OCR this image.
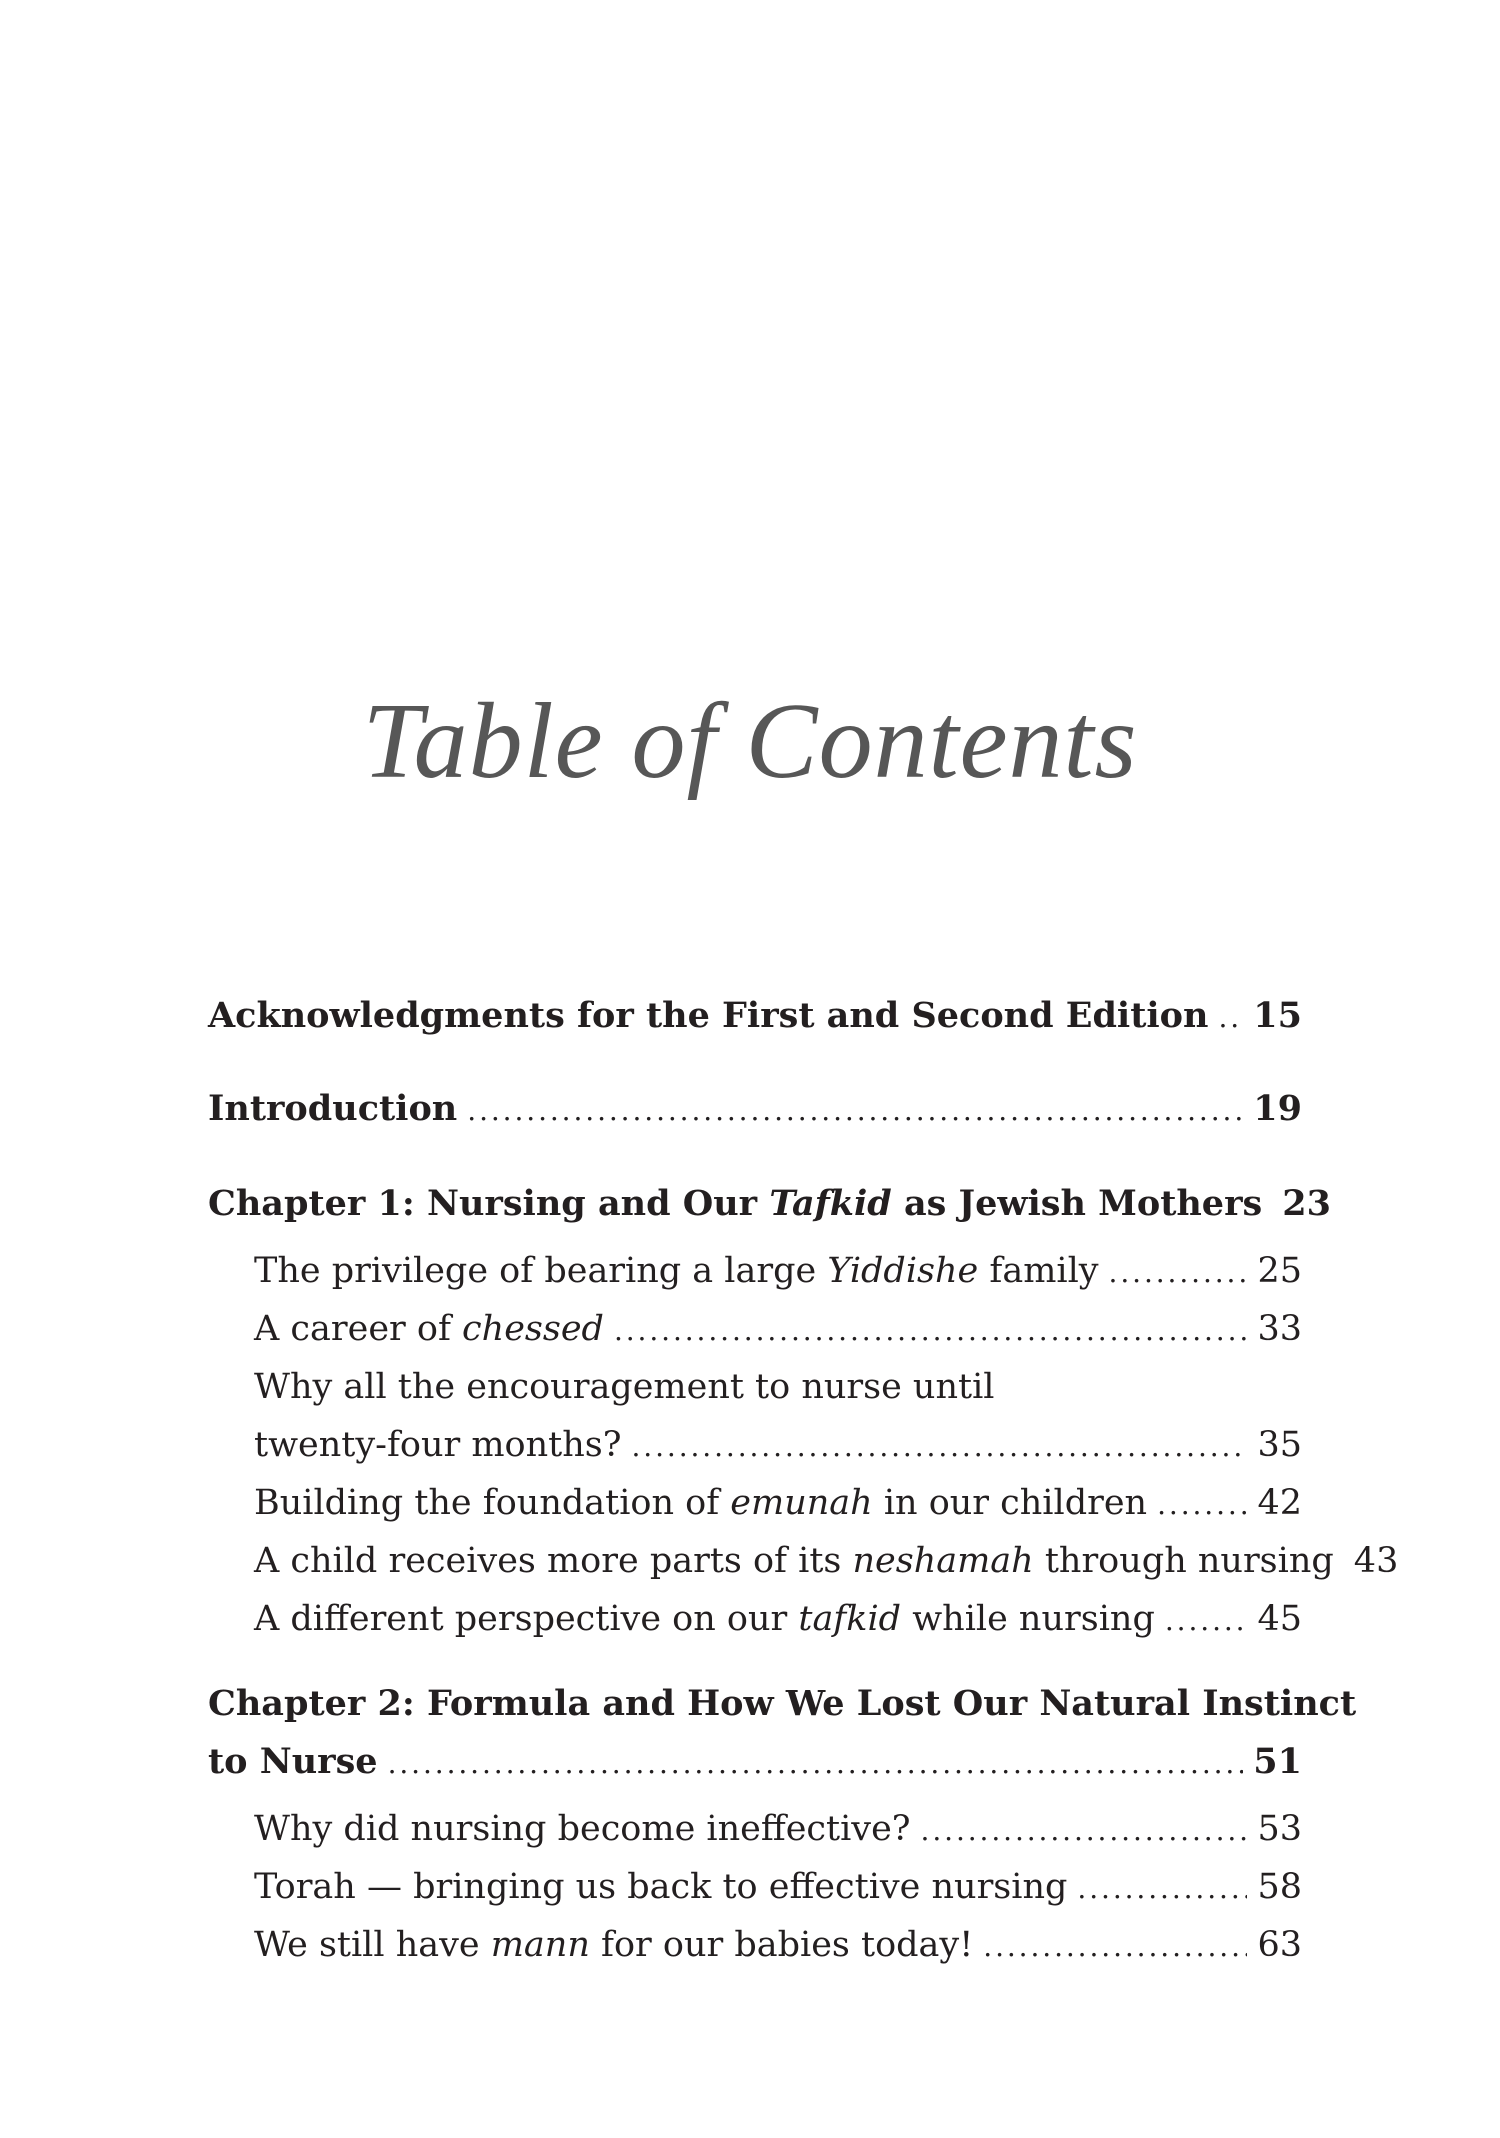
Table of Contents
Acknowledgments for the First and Second Edition . . . 15
Introduction . . .	19
Chapter 1: Nursing and Our Tafkid as Jewish Mothers 23
The privilege of bearing a large Yiddishe family . . .	25
A career of chessed . . .	33
Why all the encouragement to nurse until
twenty-four months? . . .	35
Building the foundation of emunah in our children . . .	42
A child receives more parts of its neshamah through nursing 43
A different perspective on our tafkid while nursing . . .	45
Chapter 2: Formula and How We Lost Our Natural Instinct
to Nurse . . .	51
Why did nursing become ineffective? . . .	53
Torah — bringing us back to effective nursing . . .	58
We still have mann for our babies today! . . .	63
